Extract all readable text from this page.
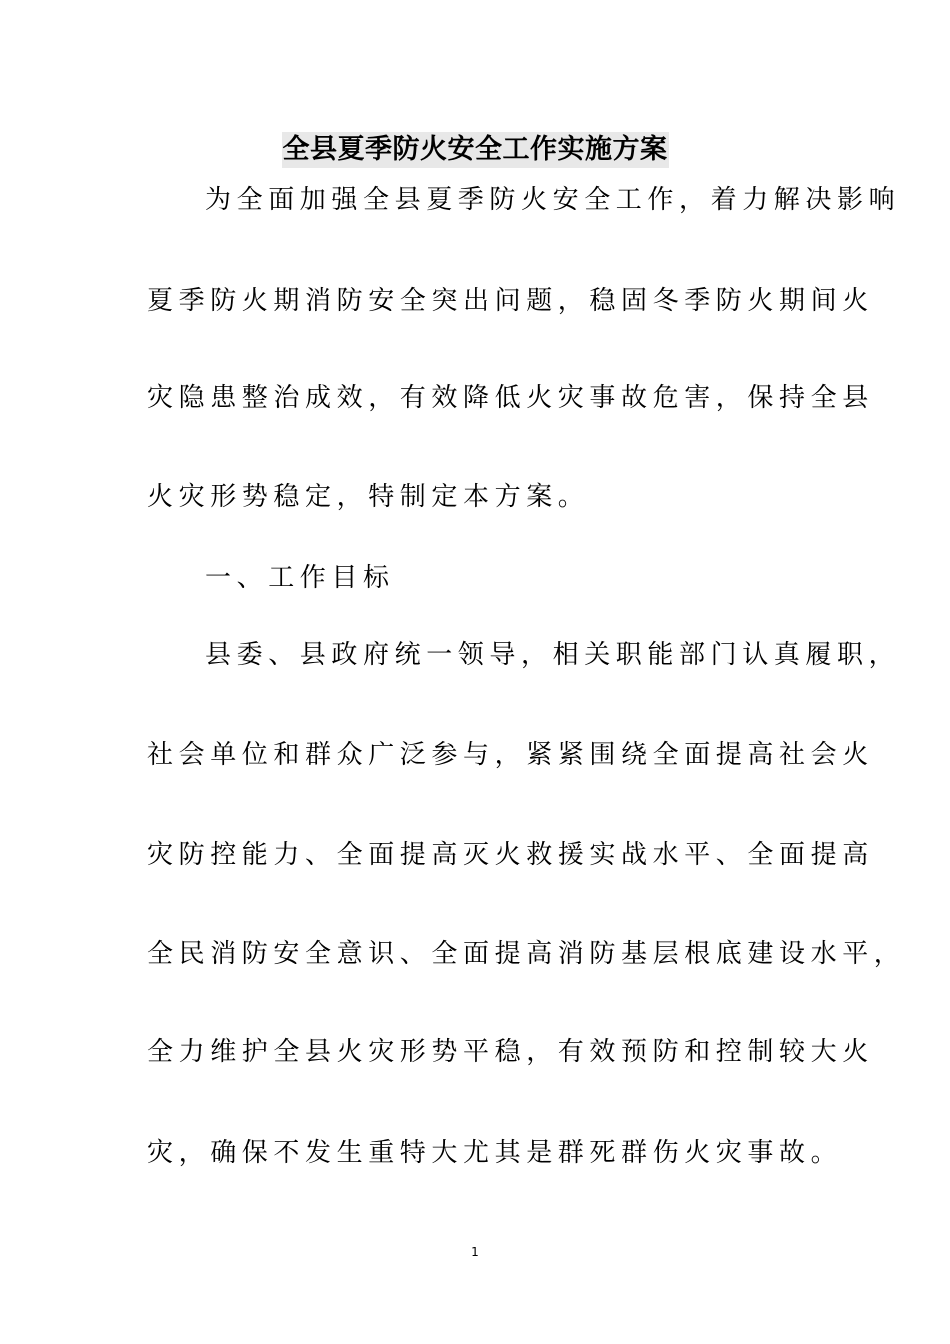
全县夏季防火安全工作实施方案
为全面加强全县夏季防火安全工作，着力解决影响
夏季防火期消防安全突出问题，稳固冬季防火期间火
灾隐患整治成效，有效降低火灾事故危害，保持全县
火灾形势稳定，特制定本方案。
一、工作目标
县委、县政府统一领导，相关职能部门认真履职，
社会单位和群众广泛参与，紧紧围绕全面提高社会火
灾防控能力、全面提高灭火救援实战水平、全面提高
全民消防安全意识、全面提高消防基层根底建设水平，
全力维护全县火灾形势平稳，有效预防和控制较大火
灾，确保不发生重特大尤其是群死群伤火灾事故。
1
